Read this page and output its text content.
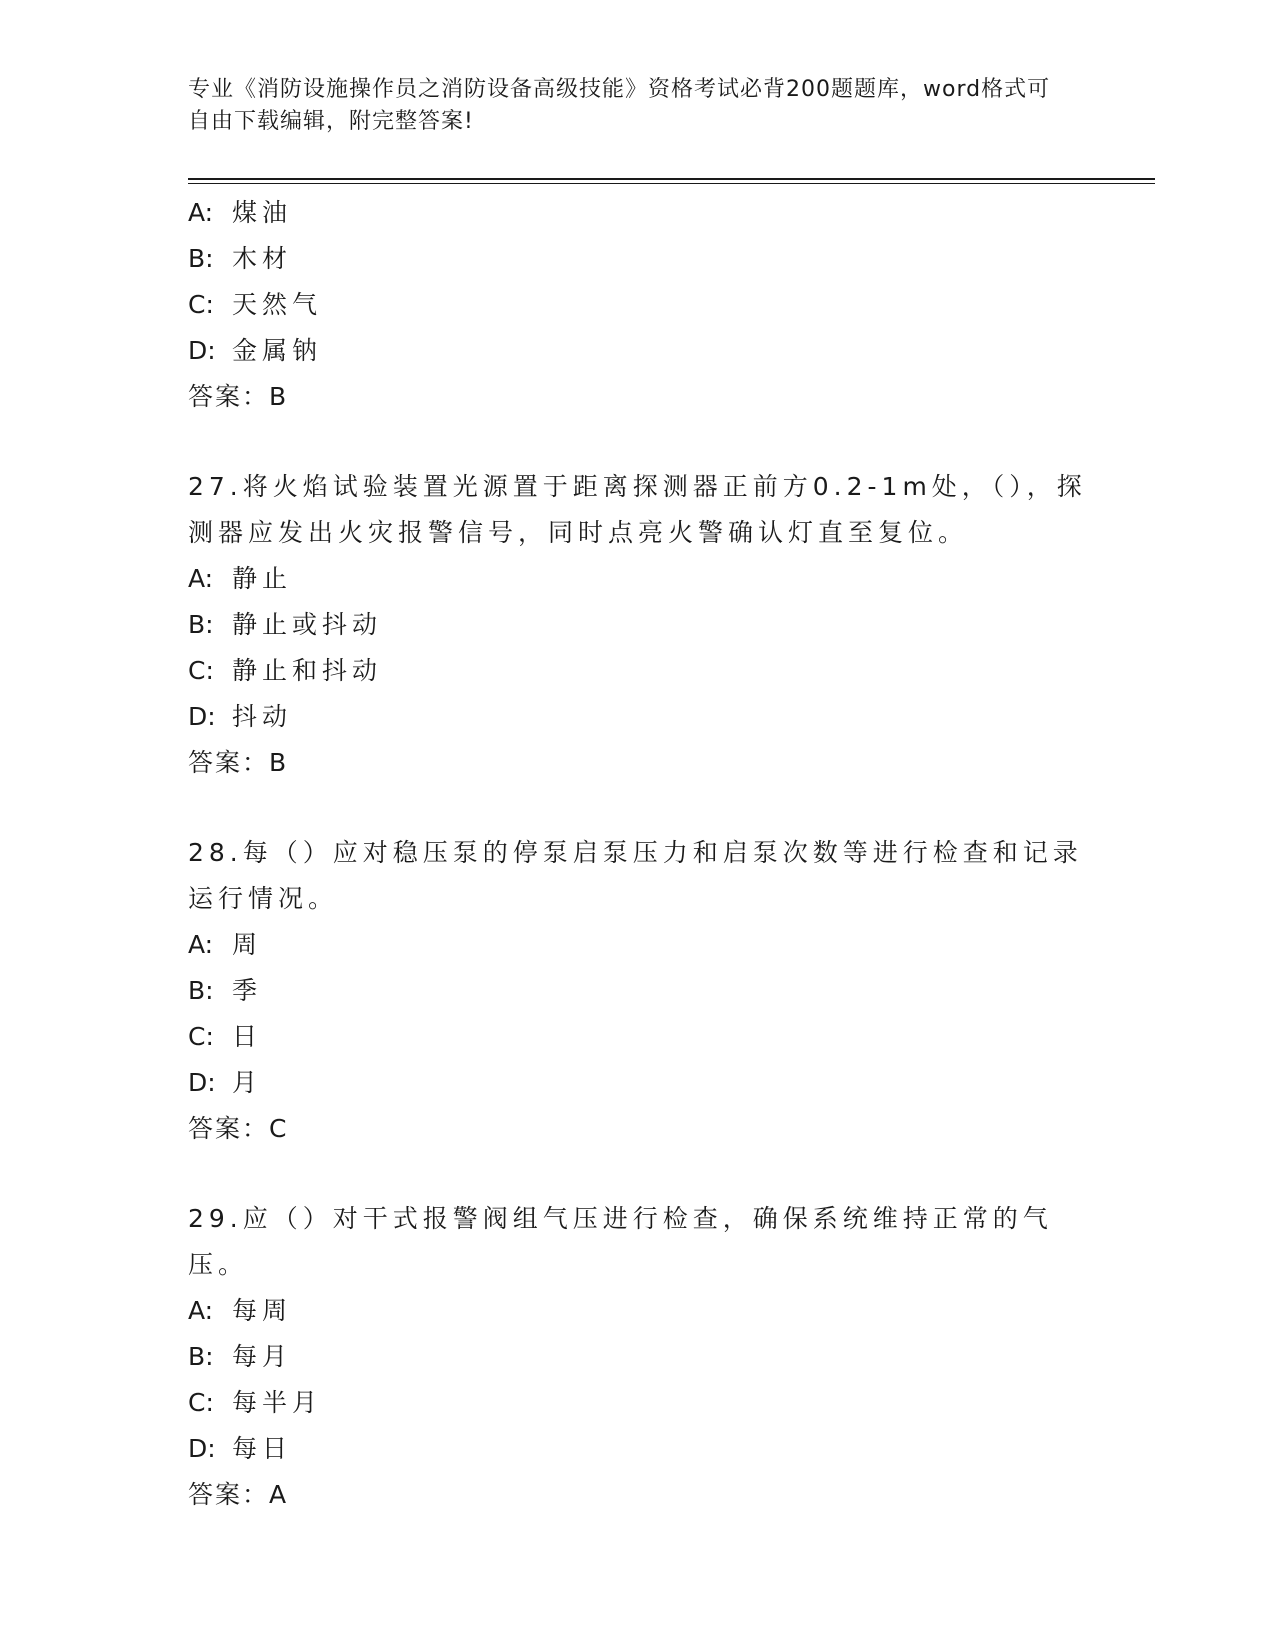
专业《消防设施操作员之消防设备高级技能》资格考试必背200题题库，word格式可自由下载编辑，附完整答案!
A: 煤油
B: 木材
C: 天然气
D: 金属钠
答案：B
27.将火焰试验装置光源置于距离探测器正前方0.2-1m处，（），探测器应发出火灾报警信号，同时点亮火警确认灯直至复位。
A: 静止
B: 静止或抖动
C: 静止和抖动
D: 抖动
答案：B
28.每（）应对稳压泵的停泵启泵压力和启泵次数等进行检查和记录运行情况。
A: 周
B: 季
C: 日
D: 月
答案：C
29.应（）对干式报警阀组气压进行检查，确保系统维持正常的气压。
A: 每周
B: 每月
C: 每半月
D: 每日
答案：A
